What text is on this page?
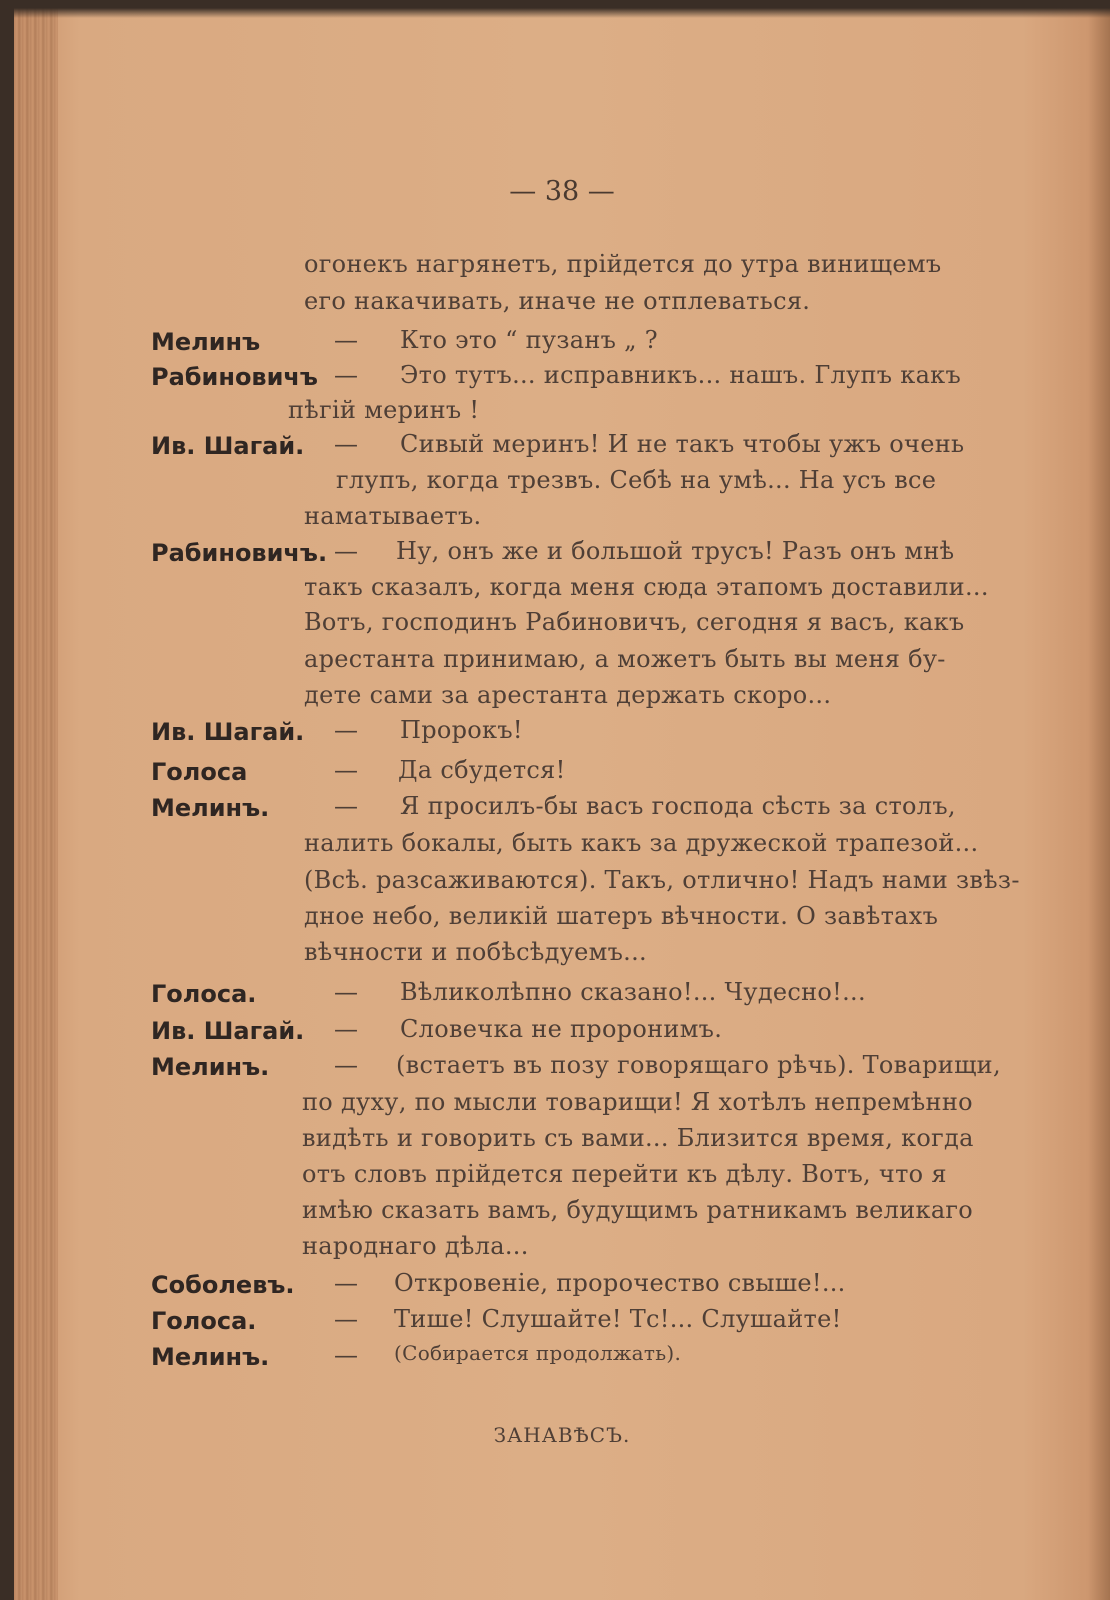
— 38 —
огонекъ нагрянетъ, прійдется до утра винищемъ
его накачивать, иначе не отплеваться.
Мелинъ	— Кто это “ пузанъ „ ?
Рабиновичъ — Это тутъ... исправникъ... нашъ. Глупъ какъ
пѣгій меринъ !
Ив. Шагай. — Сивый меринъ! И не такъ чтобы ужъ очень
глупъ, когда трезвъ. Себѣ на умѣ... На усъ все
наматываетъ.
Рабиновичъ. — Ну, онъ же и большой трусъ! Разъ онъ мнѣ
такъ сказалъ, когда меня сюда этапомъ доставили...
Вотъ, господинъ Рабиновичъ, сегодня я васъ, какъ
арестанта принимаю, а можетъ быть вы меня бу-
дете сами за арестанта держать скоро...
Ив. Шагай. — Пророкъ!
Голоса	— Да сбудется!
Мелинъ.	— Я просилъ-бы васъ господа сѣсть за столъ,
налить бокалы, быть какъ за дружеской трапезой...
(Всѣ. разсаживаются). Такъ, отлично! Надъ нами звѣз-
дное небо, великій шатеръ вѣчности. О завѣтахъ
вѣчности и побѣсѣдуемъ...
Голоса.	— Вѣликолѣпно сказано!... Чудесно!...
Ив. Шагай. — Словечка не проронимъ.
Мелинъ.	— (встаетъ въ позу говорящаго рѣчь). Товарищи,
по духу, по мысли товарищи! Я хотѣлъ непремѣнно
видѣть и говорить съ вами... Близится время, когда
отъ словъ прійдется перейти къ дѣлу. Вотъ, что я
имѣю сказать вамъ, будущимъ ратникамъ великаго
народнаго дѣла...
Соболевъ. — Откровеніе, пророчество свыше!...
Голоса.	— Тише! Слушайте! Тс!... Слушайте!
Мелинъ.	— (Собирается продолжать).
ЗАНАВѢСЪ.
